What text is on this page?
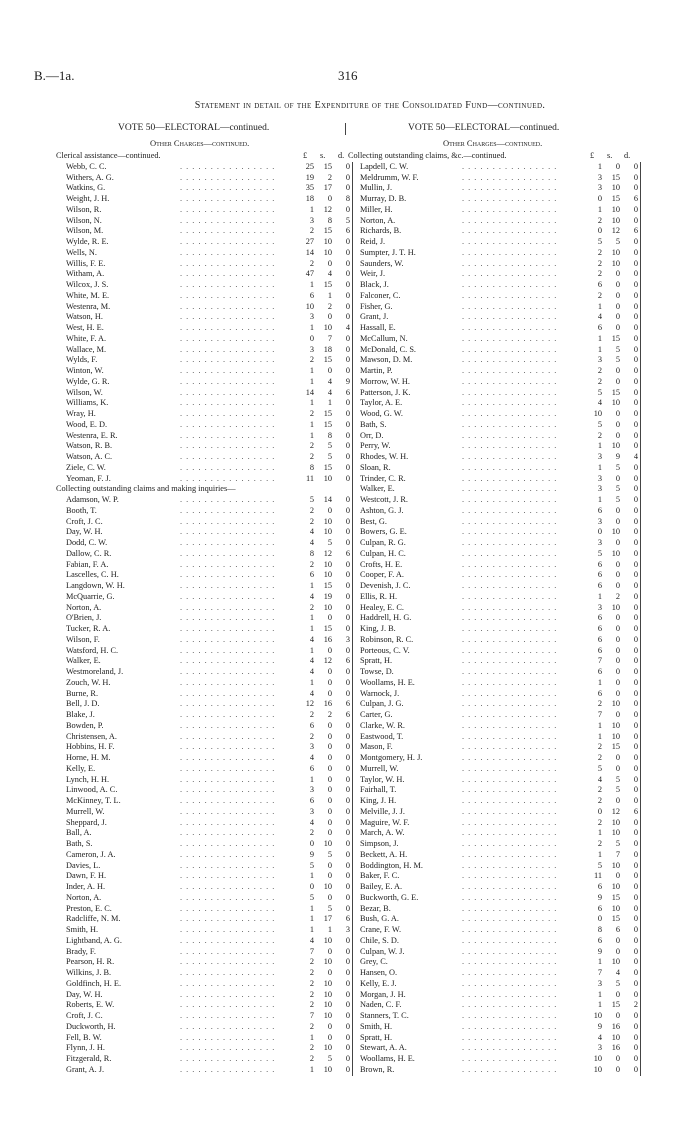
B.—1a.	316
Statement in detail of the Expenditure of the Consolidated Fund—continued.
VOTE 50—ELECTORAL—continued.	VOTE 50—ELECTORAL—continued.
Other Charges—continued.	Other Charges—continued.
£ s. d.
Clerical assistance—continued.
Webb, C. C.	. . . . . . . . . . . . . . . .	25	15	0
Withers, A. G.	. . . . . . . . . . . . . . . .	19	2	0
Watkins, G.	. . . . . . . . . . . . . . . .	35	17	0
Weight, J. H.	. . . . . . . . . . . . . . . .	18	0	8
Wilson, R.	. . . . . . . . . . . . . . . .	1	12	0
Wilson, N.	. . . . . . . . . . . . . . . .	3	8	5
Wilson, M.	. . . . . . . . . . . . . . . .	2	15	6
Wylde, R. E.	. . . . . . . . . . . . . . . .	27	10	0
Wells, N.	. . . . . . . . . . . . . . . .	14	10	0
Willis, F. E.	. . . . . . . . . . . . . . . .	2	0	0
Witham, A.	. . . . . . . . . . . . . . . .	47	4	0
Wilcox, J. S.	. . . . . . . . . . . . . . . .	1	15	0
White, M. E.	. . . . . . . . . . . . . . . .	6	1	0
Westenra, M.	. . . . . . . . . . . . . . . .	10	2	0
Watson, H.	. . . . . . . . . . . . . . . .	3	0	0
West, H. E.	. . . . . . . . . . . . . . . .	1	10	4
White, F. A.	. . . . . . . . . . . . . . . .	0	7	0
Wallace, M.	. . . . . . . . . . . . . . . .	3	18	0
Wylds, F.	. . . . . . . . . . . . . . . .	2	15	0
Winton, W.	. . . . . . . . . . . . . . . .	1	0	0
Wylde, G. R.	. . . . . . . . . . . . . . . .	1	4	9
Wilson, W.	. . . . . . . . . . . . . . . .	14	4	6
Williams, K.	. . . . . . . . . . . . . . . .	1	1	0
Wray, H.	. . . . . . . . . . . . . . . .	2	15	0
Wood, E. D.	. . . . . . . . . . . . . . . .	1	15	0
Westenra, E. R.	. . . . . . . . . . . . . . . .	1	8	0
Watson, R. B.	. . . . . . . . . . . . . . . .	2	5	0
Watson, A. C.	. . . . . . . . . . . . . . . .	2	5	0
Ziele, C. W.	. . . . . . . . . . . . . . . .	8	15	0
Yeoman, F. J.	. . . . . . . . . . . . . . . .	11	10	0
Collecting outstanding claims and making inquiries—
Adamson, W. P.	. . . . . . . . . . . . . . . .	5	14	0
Booth, T.	. . . . . . . . . . . . . . . .	2	0	0
Croft, J. C.	. . . . . . . . . . . . . . . .	2	10	0
Day, W. H.	. . . . . . . . . . . . . . . .	4	10	0
Dodd, C. W.	. . . . . . . . . . . . . . . .	4	5	0
Dallow, C. R.	. . . . . . . . . . . . . . . .	8	12	6
Fabian, F. A.	. . . . . . . . . . . . . . . .	2	10	0
Lascelles, C. H.	. . . . . . . . . . . . . . . .	6	10	0
Langdown, W. H.	. . . . . . . . . . . . . . . .	1	15	0
McQuarrie, G.	. . . . . . . . . . . . . . . .	4	19	0
Norton, A.	. . . . . . . . . . . . . . . .	2	10	0
O'Brien, J.	. . . . . . . . . . . . . . . .	1	0	0
Tucker, R. A.	. . . . . . . . . . . . . . . .	1	15	0
Wilson, F.	. . . . . . . . . . . . . . . .	4	16	3
Watsford, H. C.	. . . . . . . . . . . . . . . .	1	0	0
Walker, E.	. . . . . . . . . . . . . . . .	4	12	6
Westmoreland, J.	. . . . . . . . . . . . . . . .	4	0	0
Zouch, W. H.	. . . . . . . . . . . . . . . .	1	0	0
Burne, R.	. . . . . . . . . . . . . . . .	4	0	0
Bell, J. D.	. . . . . . . . . . . . . . . .	12	16	6
Blake, J.	. . . . . . . . . . . . . . . .	2	2	6
Bowden, P.	. . . . . . . . . . . . . . . .	6	0	0
Christensen, A.	. . . . . . . . . . . . . . . .	2	0	0
Hobbins, H. F.	. . . . . . . . . . . . . . . .	3	0	0
Horne, H. M.	. . . . . . . . . . . . . . . .	4	0	0
Kelly, E.	. . . . . . . . . . . . . . . .	6	0	0
Lynch, H. H.	. . . . . . . . . . . . . . . .	1	0	0
Linwood, A. C.	. . . . . . . . . . . . . . . .	3	0	0
McKinney, T. L.	. . . . . . . . . . . . . . . .	6	0	0
Murrell, W.	. . . . . . . . . . . . . . . .	3	0	0
Sheppard, J.	. . . . . . . . . . . . . . . .	4	0	0
Ball, A.	. . . . . . . . . . . . . . . .	2	0	0
Bath, S.	. . . . . . . . . . . . . . . .	0	10	0
Cameron, J. A.	. . . . . . . . . . . . . . . .	9	5	0
Davies, L.	. . . . . . . . . . . . . . . .	5	0	0
Dawn, F. H.	. . . . . . . . . . . . . . . .	1	0	0
Inder, A. H.	. . . . . . . . . . . . . . . .	0	10	0
Norton, A.	. . . . . . . . . . . . . . . .	5	0	0
Preston, E. C.	. . . . . . . . . . . . . . . .	1	5	0
Radcliffe, N. M.	. . . . . . . . . . . . . . . .	1	17	6
Smith, H.	. . . . . . . . . . . . . . . .	1	1	3
Lightband, A. G.	. . . . . . . . . . . . . . . .	4	10	0
Brady, F.	. . . . . . . . . . . . . . . .	7	0	0
Pearson, H. R.	. . . . . . . . . . . . . . . .	2	10	0
Wilkins, J. B.	. . . . . . . . . . . . . . . .	2	0	0
Goldfinch, H. E.	. . . . . . . . . . . . . . . .	2	10	0
Day, W. H.	. . . . . . . . . . . . . . . .	2	10	0
Roberts, E. W.	. . . . . . . . . . . . . . . .	2	10	0
Croft, J. C.	. . . . . . . . . . . . . . . .	7	10	0
Duckworth, H.	. . . . . . . . . . . . . . . .	2	0	0
Fell, B. W.	. . . . . . . . . . . . . . . .	1	0	0
Flynn, J. H.	. . . . . . . . . . . . . . . .	2	10	0
Fitzgerald, R.	. . . . . . . . . . . . . . . .	2	5	0
Grant, A. J.	. . . . . . . . . . . . . . . .	1	10	0
£ s. d.
Collecting outstanding claims, &c.—continued.
Lapdell, C. W.	. . . . . . . . . . . . . . . .	1	0	0
Meldrumm, W. F.	. . . . . . . . . . . . . . . .	3	15	0
Mullin, J.	. . . . . . . . . . . . . . . .	3	10	0
Murray, D. B.	. . . . . . . . . . . . . . . .	0	15	6
Miller, H.	. . . . . . . . . . . . . . . .	1	10	0
Norton, A.	. . . . . . . . . . . . . . . .	2	10	0
Richards, B.	. . . . . . . . . . . . . . . .	0	12	6
Reid, J.	. . . . . . . . . . . . . . . .	5	5	0
Sumpter, J. T. H.	. . . . . . . . . . . . . . . .	2	10	0
Saunders, W.	. . . . . . . . . . . . . . . .	2	10	0
Weir, J.	. . . . . . . . . . . . . . . .	2	0	0
Black, J.	. . . . . . . . . . . . . . . .	6	0	0
Falconer, C.	. . . . . . . . . . . . . . . .	2	0	0
Fisher, G.	. . . . . . . . . . . . . . . .	1	0	0
Grant, J.	. . . . . . . . . . . . . . . .	4	0	0
Hassall, E.	. . . . . . . . . . . . . . . .	6	0	0
McCallum, N.	. . . . . . . . . . . . . . . .	1	15	0
McDonald, C. S.	. . . . . . . . . . . . . . . .	1	5	0
Mawson, D. M.	. . . . . . . . . . . . . . . .	3	5	0
Martin, P.	. . . . . . . . . . . . . . . .	2	0	0
Morrow, W. H.	. . . . . . . . . . . . . . . .	2	0	0
Patterson, J. K.	. . . . . . . . . . . . . . . .	5	15	0
Taylor, A. E.	. . . . . . . . . . . . . . . .	4	10	0
Wood, G. W.	. . . . . . . . . . . . . . . .	10	0	0
Bath, S.	. . . . . . . . . . . . . . . .	5	0	0
Orr, D.	. . . . . . . . . . . . . . . .	2	0	0
Perry, W.	. . . . . . . . . . . . . . . .	1	10	0
Rhodes, W. H.	. . . . . . . . . . . . . . . .	3	9	4
Sloan, R.	. . . . . . . . . . . . . . . .	1	5	0
Trinder, C. R.	. . . . . . . . . . . . . . . .	3	0	0
Walker, E.	. . . . . . . . . . . . . . . .	3	5	0
Westcott, J. R.	. . . . . . . . . . . . . . . .	1	5	0
Ashton, G. J.	. . . . . . . . . . . . . . . .	6	0	0
Best, G.	. . . . . . . . . . . . . . . .	3	0	0
Bowers, G. E.	. . . . . . . . . . . . . . . .	0	10	0
Culpan, R. G.	. . . . . . . . . . . . . . . .	3	0	0
Culpan, H. C.	. . . . . . . . . . . . . . . .	5	10	0
Crofts, H. E.	. . . . . . . . . . . . . . . .	6	0	0
Cooper, F. A.	. . . . . . . . . . . . . . . .	6	0	0
Devenish, J. C.	. . . . . . . . . . . . . . . .	6	0	0
Ellis, R. H.	. . . . . . . . . . . . . . . .	1	2	0
Healey, E. C.	. . . . . . . . . . . . . . . .	3	10	0
Haddrell, H. G.	. . . . . . . . . . . . . . . .	6	0	0
King, J. B.	. . . . . . . . . . . . . . . .	6	0	0
Robinson, R. C.	. . . . . . . . . . . . . . . .	6	0	0
Porteous, C. V.	. . . . . . . . . . . . . . . .	6	0	0
Spratt, H.	. . . . . . . . . . . . . . . .	7	0	0
Towse, D.	. . . . . . . . . . . . . . . .	6	0	0
Woollams, H. E.	. . . . . . . . . . . . . . . .	1	0	0
Warnock, J.	. . . . . . . . . . . . . . . .	6	0	0
Culpan, J. G.	. . . . . . . . . . . . . . . .	2	10	0
Carter, G.	. . . . . . . . . . . . . . . .	7	0	0
Clarke, W. R.	. . . . . . . . . . . . . . . .	1	10	0
Eastwood, T.	. . . . . . . . . . . . . . . .	1	10	0
Mason, F.	. . . . . . . . . . . . . . . .	2	15	0
Montgomery, H. J.	. . . . . . . . . . . . . . . .	2	0	0
Murrell, W.	. . . . . . . . . . . . . . . .	5	0	0
Taylor, W. H.	. . . . . . . . . . . . . . . .	4	5	0
Fairhall, T.	. . . . . . . . . . . . . . . .	2	5	0
King, J. H.	. . . . . . . . . . . . . . . .	2	0	0
Melville, J. J.	. . . . . . . . . . . . . . . .	0	12	6
Maguire, W. F.	. . . . . . . . . . . . . . . .	2	10	0
March, A. W.	. . . . . . . . . . . . . . . .	1	10	0
Simpson, J.	. . . . . . . . . . . . . . . .	2	5	0
Beckett, A. H.	. . . . . . . . . . . . . . . .	1	7	0
Boddington, H. M.	. . . . . . . . . . . . . . . .	5	10	0
Baker, F. C.	. . . . . . . . . . . . . . . .	11	0	0
Bailey, E. A.	. . . . . . . . . . . . . . . .	6	10	0
Buckworth, G. E.	. . . . . . . . . . . . . . . .	9	15	0
Bezar, B.	. . . . . . . . . . . . . . . .	6	10	0
Bush, G. A.	. . . . . . . . . . . . . . . .	0	15	0
Crane, F. W.	. . . . . . . . . . . . . . . .	8	6	0
Chile, S. D.	. . . . . . . . . . . . . . . .	6	0	0
Culpan, W. J.	. . . . . . . . . . . . . . . .	9	0	0
Grey, C.	. . . . . . . . . . . . . . . .	1	10	0
Hansen, O.	. . . . . . . . . . . . . . . .	7	4	0
Kelly, E. J.	. . . . . . . . . . . . . . . .	3	5	0
Morgan, J. H.	. . . . . . . . . . . . . . . .	1	0	0
Naden, C. F.	. . . . . . . . . . . . . . . .	1	15	2
Stanners, T. C.	. . . . . . . . . . . . . . . .	10	0	0
Smith, H.	. . . . . . . . . . . . . . . .	9	16	0
Spratt, H.	. . . . . . . . . . . . . . . .	4	10	0
Stewart, A. A.	. . . . . . . . . . . . . . . .	3	16	0
Woollams, H. E.	. . . . . . . . . . . . . . . .	10	0	0
Brown, R.	. . . . . . . . . . . . . . . .	10	0	0
